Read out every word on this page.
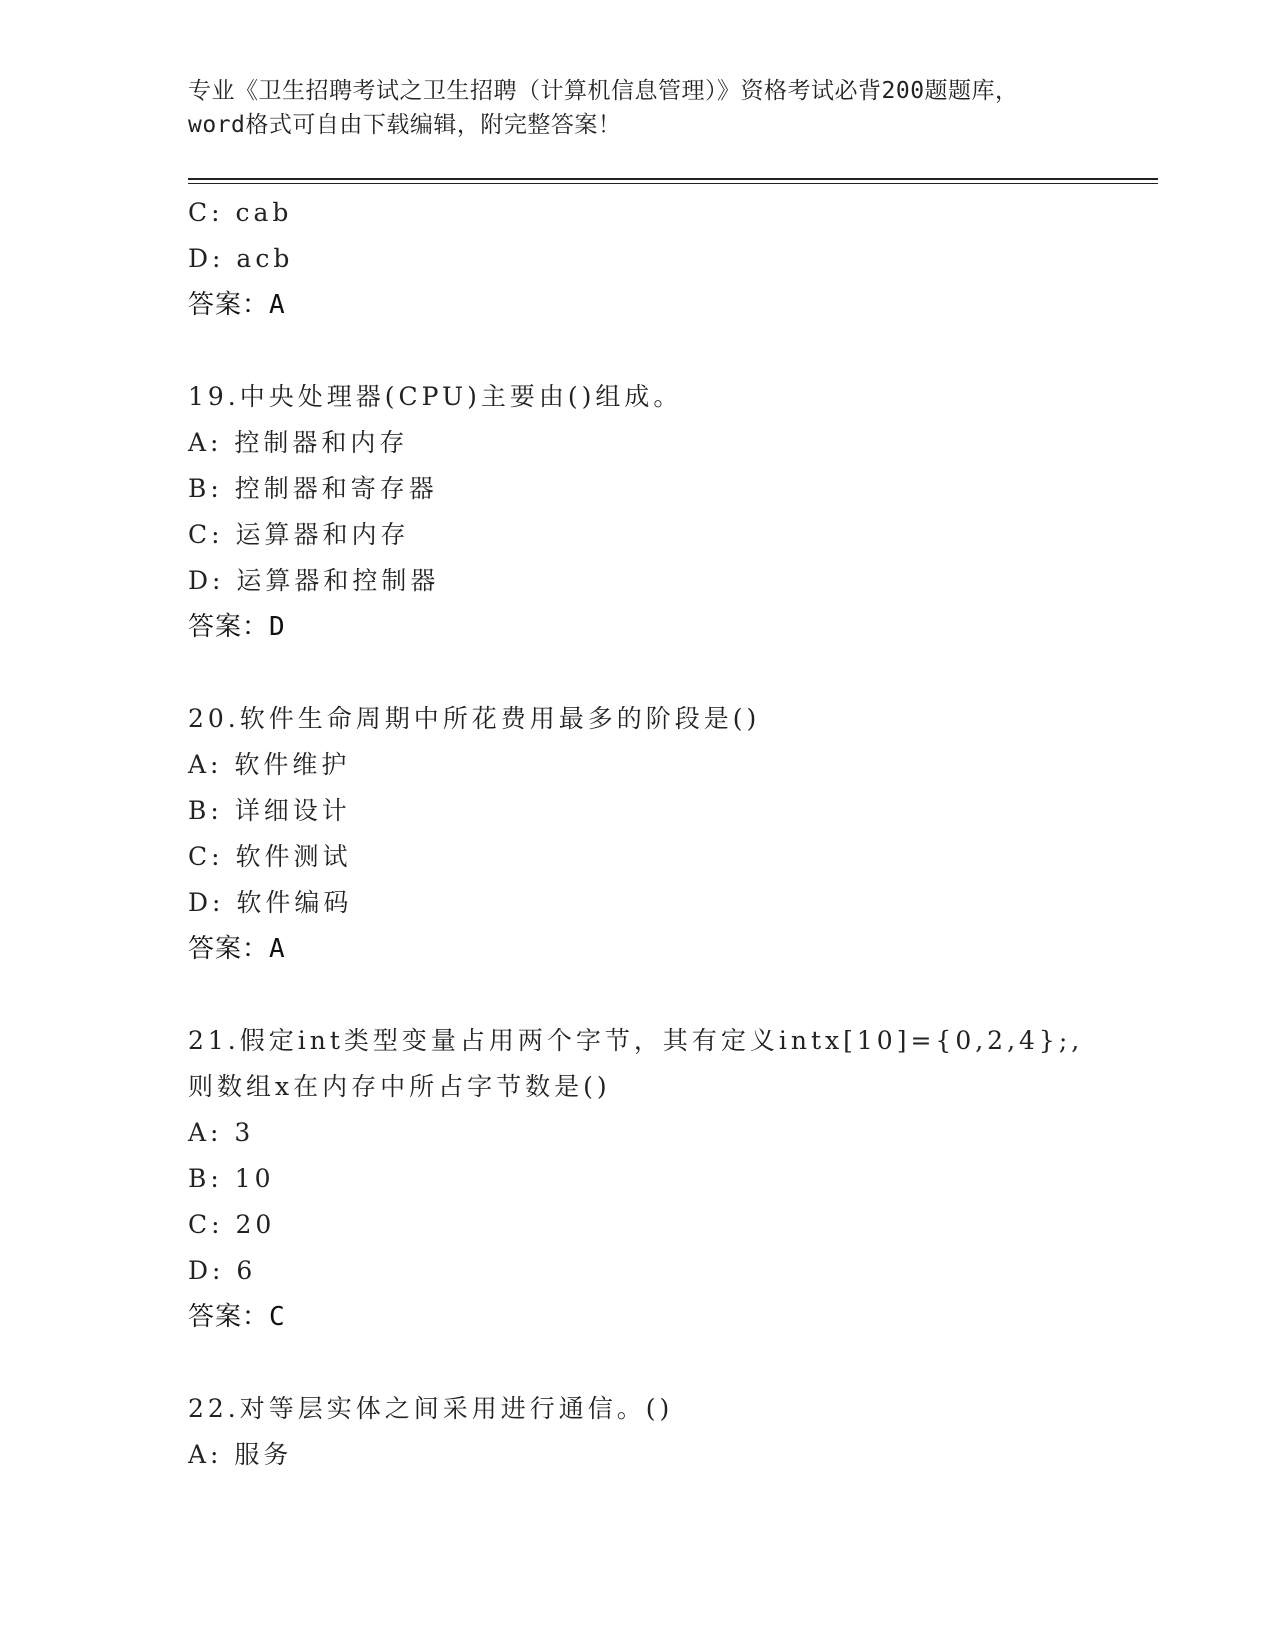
专业《卫生招聘考试之卫生招聘（计算机信息管理）》资格考试必背200题题库，
word格式可自由下载编辑，附完整答案！
C: cab
D: acb
答案：A
19.中央处理器(CPU)主要由()组成。
A: 控制器和内存
B: 控制器和寄存器
C: 运算器和内存
D: 运算器和控制器
答案：D
20.软件生命周期中所花费用最多的阶段是()
A: 软件维护
B: 详细设计
C: 软件测试
D: 软件编码
答案：A
21.假定int类型变量占用两个字节，其有定义intx[10]={0,2,4};,
则数组x在内存中所占字节数是()
A: 3
B: 10
C: 20
D: 6
答案：C
22.对等层实体之间采用进行通信。()
A: 服务
